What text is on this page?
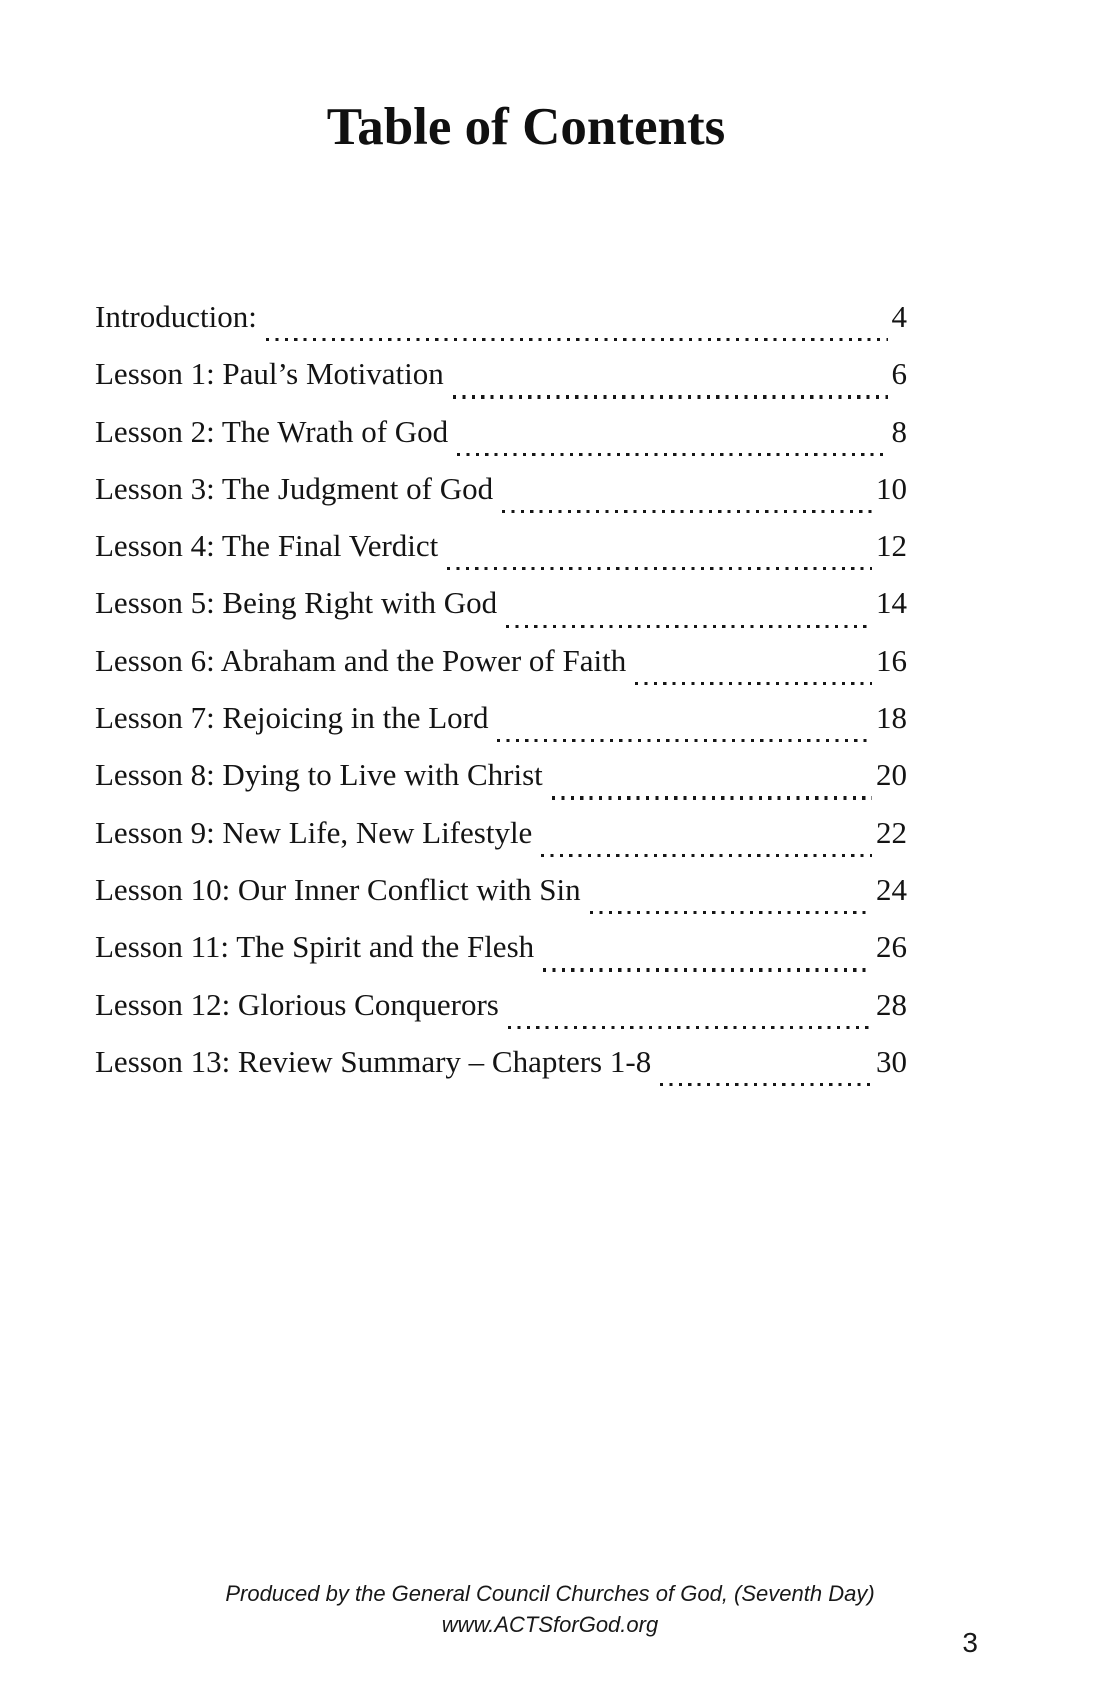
Table of Contents
Introduction:	4
Lesson 1: Paul’s Motivation	6
Lesson 2: The Wrath of God	8
Lesson 3: The Judgment of God	10
Lesson 4: The Final Verdict	12
Lesson 5: Being Right with God	14
Lesson 6: Abraham and the Power of Faith	16
Lesson 7: Rejoicing in the Lord	18
Lesson 8: Dying to Live with Christ	20
Lesson 9: New Life, New Lifestyle	22
Lesson 10: Our Inner Conflict with Sin	24
Lesson 11: The Spirit and the Flesh	26
Lesson 12: Glorious Conquerors	28
Lesson 13: Review Summary – Chapters 1-8	30
Produced by the General Council Churches of God, (Seventh Day)
www.ACTSforGod.org
3
